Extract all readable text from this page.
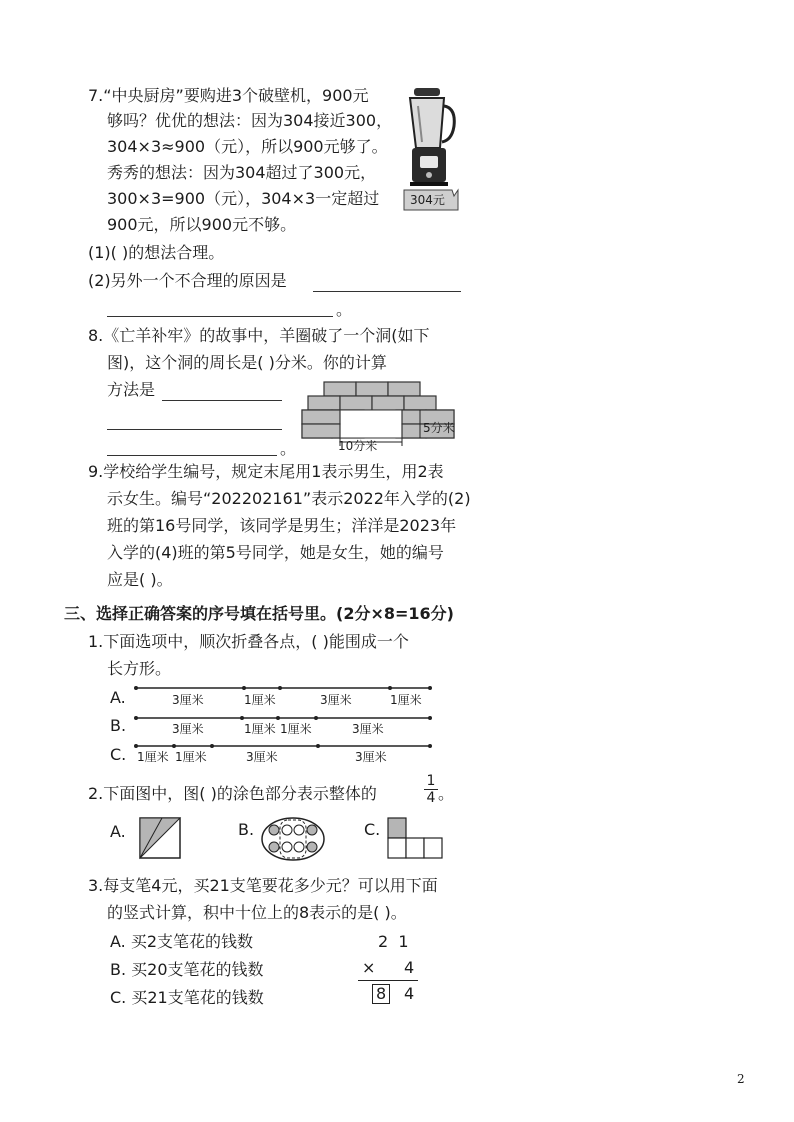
7.“中央厨房”要购进3个破壁机，900元
够吗？优优的想法：因为304接近300，
304×3≈900（元），所以900元够了。
秀秀的想法：因为304超过了300元，
300×3=900（元），304×3一定超过
900元，所以900元不够。
304元
(1)( )的想法合理。
(2)另外一个不合理的原因是
。
8.《亡羊补牢》的故事中，羊圈破了一个洞(如下
图)，这个洞的周长是( )分米。你的计算
方法是
。	10分米
5分米
9.学校给学生编号，规定末尾用1表示男生，用2表
示女生。编号“202202161”表示2022年入学的(2)
班的第16号同学，该同学是男生；洋洋是2023年
入学的(4)班的第5号同学，她是女生，她的编号
应是( )。
三、选择正确答案的序号填在括号里。(2分×8=16分)
1.下面选项中，顺次折叠各点，( )能围成一个
长方形。
A.	3厘米	1厘米	3厘米	1厘米
B.	3厘米	1厘米 1厘米	3厘米
C. 1厘米 1厘米	3厘米	3厘米
2.下面图中，图( )的涂色部分表示整体的
1
4 。
A.	B.	C.
3.每支笔4元，买21支笔要花多少元？可以用下面
的竖式计算，积中十位上的8表示的是( )。
A. 买2支笔花的钱数
B. 买20支笔花的钱数
C. 买21支笔花的钱数
2  1
× 4
8 4
2
